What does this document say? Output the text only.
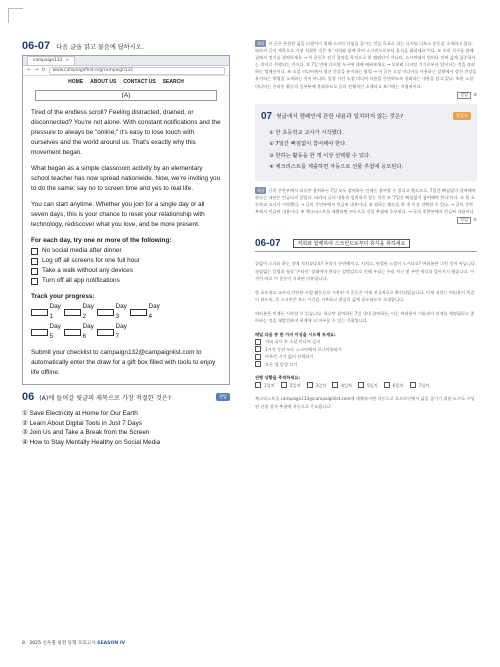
06-07 다음 글을 읽고 물음에 답하시오.
campaign132 ×
← → ↻	www.campaignfirst.org/campaign132
HOME ABOUT US CONTACT US SEARCH
(A)

Tired of the endless scroll? Feeling distracted, drained, or disconnected? You're not alone. With constant notifications and the pressure to always be "online," it's easy to lose touch with ourselves and the world around us. That's exactly why this movement began.

What began as a simple classroom activity by an elementary school teacher has now spread nationwide. Now, we're inviting you to do the same: say no to screen time and yes to real life.

You can start anytime. Whether you join for a single day or all seven days, this is your chance to reset your relationship with technology, rediscover what you love, and be more present.

For each day, try one or more of the following:
No social media after dinner
Log off all screens for one full hour
Take a walk without any devices
Turn off all app notifications
Track your progress:
Day 1
Day 2
Day 3
Day 4
Day 5
Day 6
Day 7

Submit your checklist to campaign132@campaignlist.com to automatically enter the draw for a gift box filled with tools to enjoy life offline.

06 (A)에 들어갈 윗글의 제목으로 가장 적절한 것은?	정답
① Save Electricity at Home for Our Earth
② Learn About Digital Tools in Just 7 Days
③ Join Us and Take a Break from the Screen
④ How to Stay Mentally Healthy on Social Media
해설 이 글은 온전한 삶을 되찾아기 위해 스크린 타임을 줄이는 것을 목표로 하는 디지털 디톡스 운동을 소개하고 있다. 따라서 글의 제목으로 가장 적절한 것은 ③ '저희와 함께 하여 스크린으로부터 휴식을 취하세요'이다. ① 우리 지구를 위해 집에서 전기를 절약하세요 → 이 운동은 전기 절약을 목적으로 한 캠페인이 아니라, 스크린에서 벗어나 진짜 삶에 집중하자는 의미로 진행되는 것이다. ② 7일 만에 디지털 도구에 대해 배워보세요 → 오히려 디지털 기기로부터 멀어지는 것을 장려하는 캠페인이다. ④ 소셜 미디어에서 정신 건강을 유지하는 방법 → 이 글은 소셜 미디어를 사용하는 상황에서 정신 건강을 유지하는 방법을 소개하는 것이 아니라, 일정 시간 소셜 미디어 사용을 중단하도록 장려하는 내용을 담고 있다. 또한 소셜 미디어는 온라인 활동의 일부분에 불과하므로 글의 전체적인 소재라고 보기에는 지엽적이다.
정답 ③
07 윗글에서 캠페인에 관한 내용과 일치하지 않는 것은?	불일치
① 한 초등학교 교사가 시작했다.
② 7일간 빠짐없이 참여해야 한다.
③ 한하는 활동을 한 개 이상 선택할 수 있다.
④ 체크리스트를 제출하면 자동으로 선물 추첨에 응모된다.
해설 글의 중반부에서 하루만 참여하든 7일 모두 참여하든 언제든 참여할 수 있다고 했으므로, 7일간 빠짐없이 참여해야 한다는 내용은 언급되지 않았다. 따라서 글의 내용과 일치하지 않는 것은 ② '7일간 빠짐없이 참여해야 한다'이다. ① 한 초등학교 교사가 시작했다. → 글의 중반부에서 언급된 내용이다. ③ 원하는 활동을 한 개 이상 선택할 수 있다. → 글의 중반부에서 언급된 내용이다. ④ 체크리스트를 제출하면 자동으로 선물 추첨에 응모된다. → 글의 후반부에서 언급된 내용이다.
정답 ②
06-07	저희와 함께하여 스크린으로부터 휴식을 취하세요

끝없이 스크롤 하는 것에 지치셨나요? 주의가 산만해지고, 지치고, 단절된 느낌이 드시나요? 여러분만 그런 것이 아닙니다. 끊임없는 알림과 항상 '온라인' 상태여야 한다는 압박감으로 인해 우리는 우리 자신 및 주변 세상과 멀어지기 쉽습니다. 이것이 바로 이 운동이 시작된 이유입니다.

한 초등학교 교사의 간단한 수업 활동으로 시작된 이 운동은 이제 전국적으로 확산되었습니다. 이제 저희는 여러분이 똑같이 하도록, 즉 스크린은 보는 시간을 거부하고 현실의 삶에 몰두하도록 초대합니다.

여러분은 언제든 시작할 수 있습니다. 하루만 참여하든 7일 내내 참여하든, 이는 여러분이 기술과의 관계를 재정립하고 좋아하는 것을 재발견하며 현재에 더 머무를 수 있는 기회입니다.

매일 다음 중 한 가지 이상을 시도해 보세요:
저녁 식사 후 소셜 미디어 금지
1시간 동안 모든 스크린에서 로그아웃하기
아무런 기기 없이 산책하기
모든 앱 알림 끄기
진행 상황을 추적하세요:
1일차	2일차	3일차	4일차	5일차	6일차	7일차

체크리스트를 campaign132@campaignlist.com에 제출하시면 자동으로 오프라인에서 삶을 즐기기 위한 도구로 구성된 선물 상자 추첨에 자동으로 응모됩니다.

8 · 2025 신우철 실전 동형 모의고사 SEASON IV
